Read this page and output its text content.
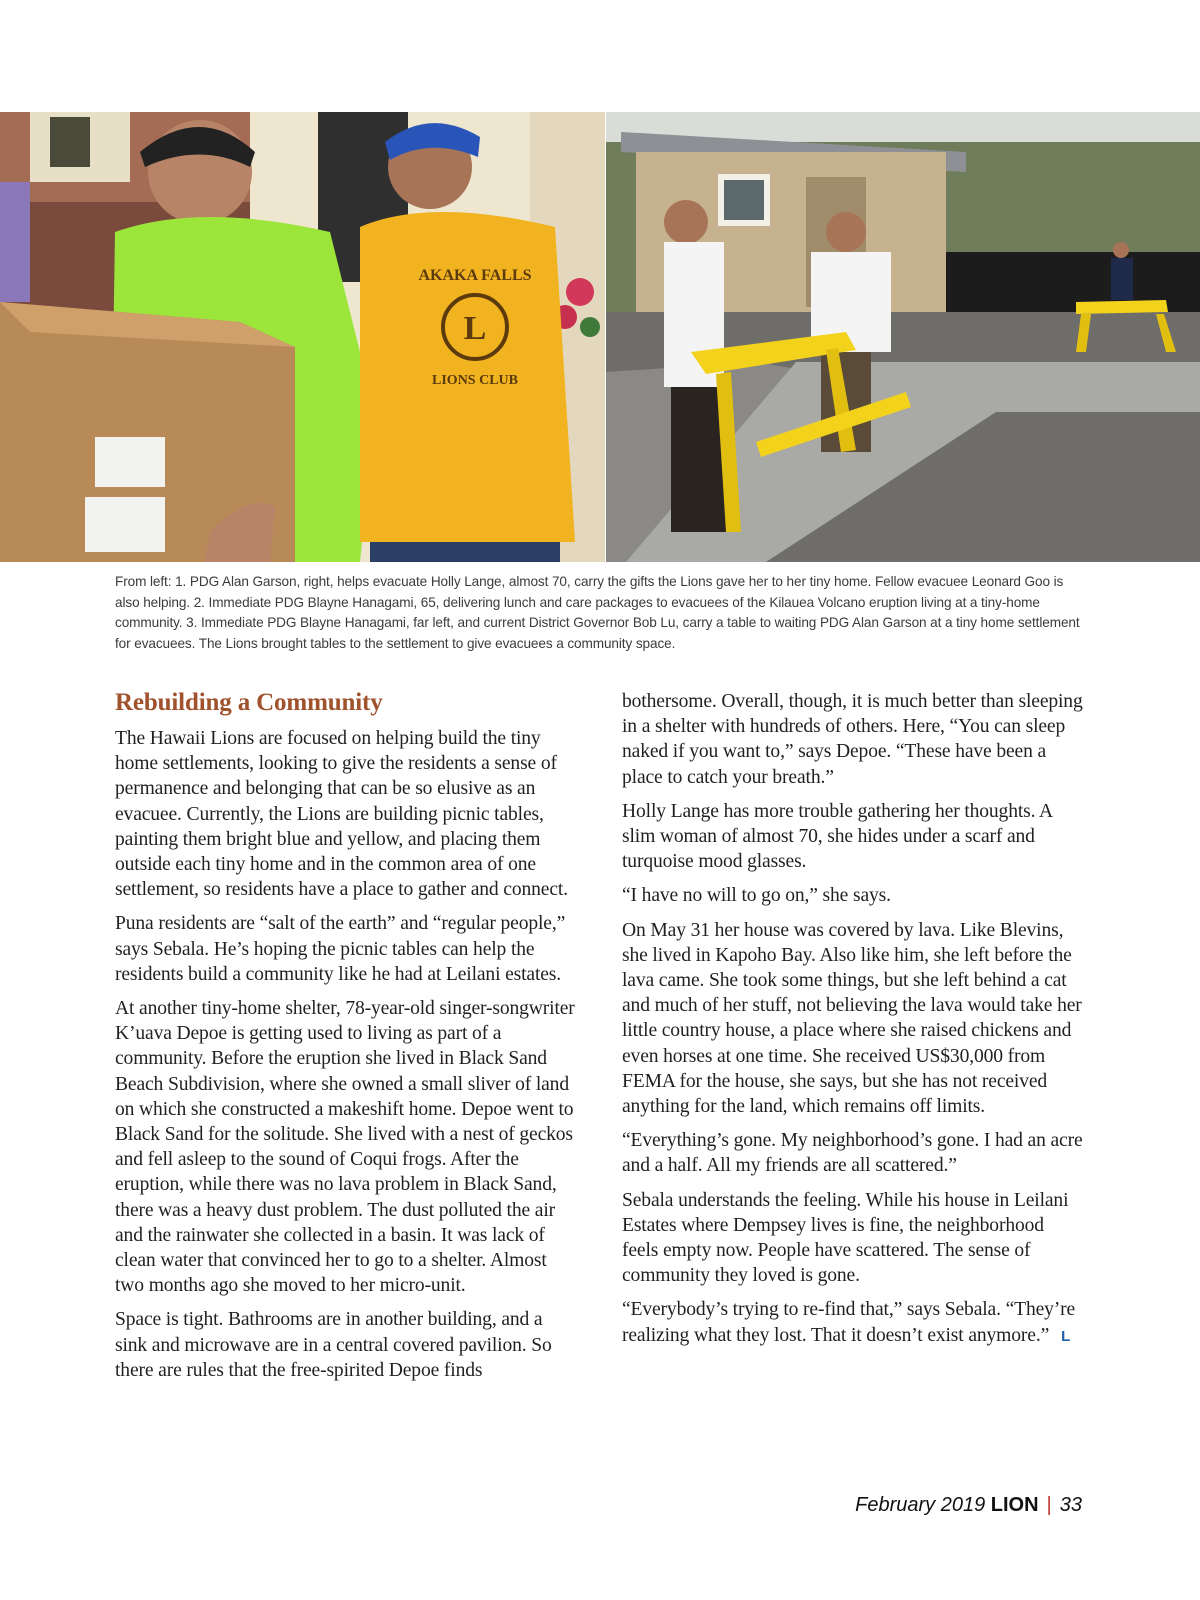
L
AKAKA FALLS
LIONS CLUB
From left: 1. PDG Alan Garson, right, helps evacuate Holly Lange, almost 70, carry the gifts the Lions gave her to her tiny home. Fellow evacuee Leonard Goo is also helping. 2. Immediate PDG Blayne Hanagami, 65, delivering lunch and care packages to evacuees of the Kilauea Volcano eruption living at a tiny-home community. 3. Immediate PDG Blayne Hanagami, far left, and current District Governor Bob Lu, carry a table to waiting PDG Alan Garson at a tiny home settlement for evacuees. The Lions brought tables to the settlement to give evacuees a community space.
Rebuilding a Community

The Hawaii Lions are focused on helping build the tiny home settlements, looking to give the residents a sense of permanence and belonging that can be so elusive as an evacuee. Currently, the Lions are building picnic tables, painting them bright blue and yellow, and placing them outside each tiny home and in the common area of one settlement, so residents have a place to gather and connect.

Puna residents are “salt of the earth” and “regular people,” says Sebala. He’s hoping the picnic tables can help the residents build a community like he had at Leilani estates.

At another tiny-home shelter, 78-year-old singer-songwriter K’uava Depoe is getting used to living as part of a community. Before the eruption she lived in Black Sand Beach Subdivision, where she owned a small sliver of land on which she constructed a makeshift home. Depoe went to Black Sand for the solitude. She lived with a nest of geckos and fell asleep to the sound of Coqui frogs. After the eruption, while there was no lava problem in Black Sand, there was a heavy dust problem. The dust polluted the air and the rainwater she collected in a basin. It was lack of clean water that convinced her to go to a shelter. Almost two months ago she moved to her micro-unit.

Space is tight. Bathrooms are in another building, and a sink and microwave are in a central covered pavilion. So there are rules that the free-spirited Depoe finds

bothersome. Overall, though, it is much better than sleeping in a shelter with hundreds of others. Here, “You can sleep naked if you want to,” says Depoe. “These have been a place to catch your breath.”

Holly Lange has more trouble gathering her thoughts. A slim woman of almost 70, she hides under a scarf and turquoise mood glasses.

“I have no will to go on,” she says.

On May 31 her house was covered by lava. Like Blevins, she lived in Kapoho Bay. Also like him, she left before the lava came. She took some things, but she left behind a cat and much of her stuff, not believing the lava would take her little country house, a place where she raised chickens and even horses at one time. She received US$30,000 from FEMA for the house, she says, but she has not received anything for the land, which remains off limits.

“Everything’s gone. My neighborhood’s gone. I had an acre and a half. All my friends are all scattered.”

Sebala understands the feeling. While his house in Leilani Estates where Dempsey lives is fine, the neighborhood feels empty now. People have scattered. The sense of community they loved is gone.

“Everybody’s trying to re-find that,” says Sebala. “They’re realizing what they lost. That it doesn’t exist anymore.” L

February 2019 LION | 33
